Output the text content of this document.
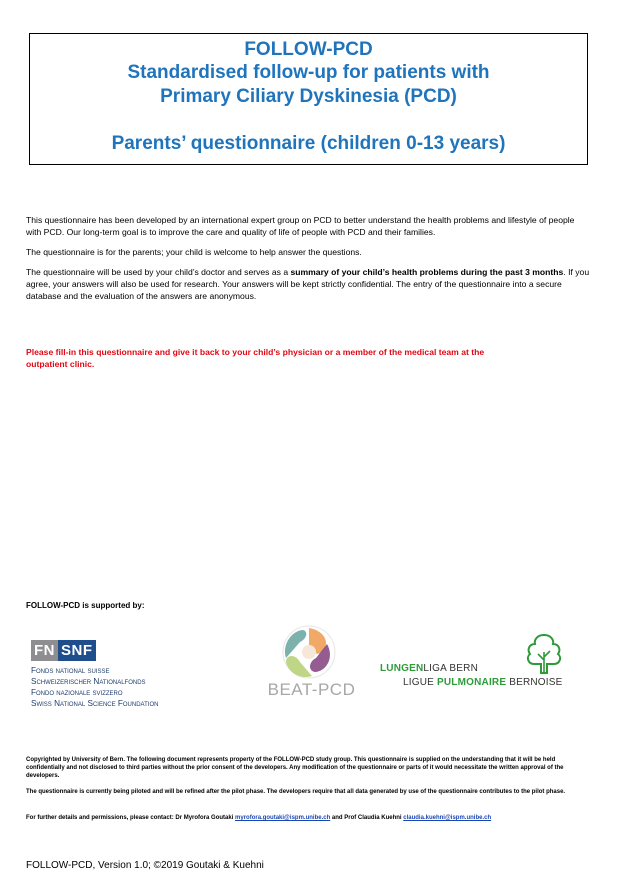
FOLLOW-PCD
Standardised follow-up for patients with
Primary Ciliary Dyskinesia (PCD)
Parents’ questionnaire (children 0-13 years)

This questionnaire has been developed by an international expert group on PCD to better understand the health problems and lifestyle of people with PCD. Our long-term goal is to improve the care and quality of life of people with PCD and their families.

The questionnaire is for the parents; your child is welcome to help answer the questions.

The questionnaire will be used by your child’s doctor and serves as a summary of your child’s health problems during the past 3 months. If you agree, your answers will also be used for research. Your answers will be kept strictly confidential. The entry of the questionnaire into a secure database and the evaluation of the answers are anonymous.

Please fill-in this questionnaire and give it back to your child’s physician or a member of the medical team at the outpatient clinic.
FOLLOW-PCD is supported by:
FN SNF
Fonds national suisse
Schweizerischer Nationalfonds
Fondo nazionale svizzero
Swiss National Science Foundation
BEAT-PCD
LUNGENLIGA BERN
LIGUE PULMONAIRE BERNOISE
Copyrighted by University of Bern. The following document represents property of the FOLLOW-PCD study group. This questionnaire is supplied on the understanding that it will be held confidentially and not disclosed to third parties without the prior consent of the developers. Any modification of the questionnaire or parts of it would necessitate the written approval of the developers.
The questionnaire is currently being piloted and will be refined after the pilot phase. The developers require that all data generated by use of the questionnaire contributes to the pilot phase.
For further details and permissions, please contact: Dr Myrofora Goutaki myrofora.goutaki@ispm.unibe.ch and Prof Claudia Kuehni claudia.kuehni@ispm.unibe.ch
FOLLOW-PCD, Version 1.0; ©2019 Goutaki & Kuehni
